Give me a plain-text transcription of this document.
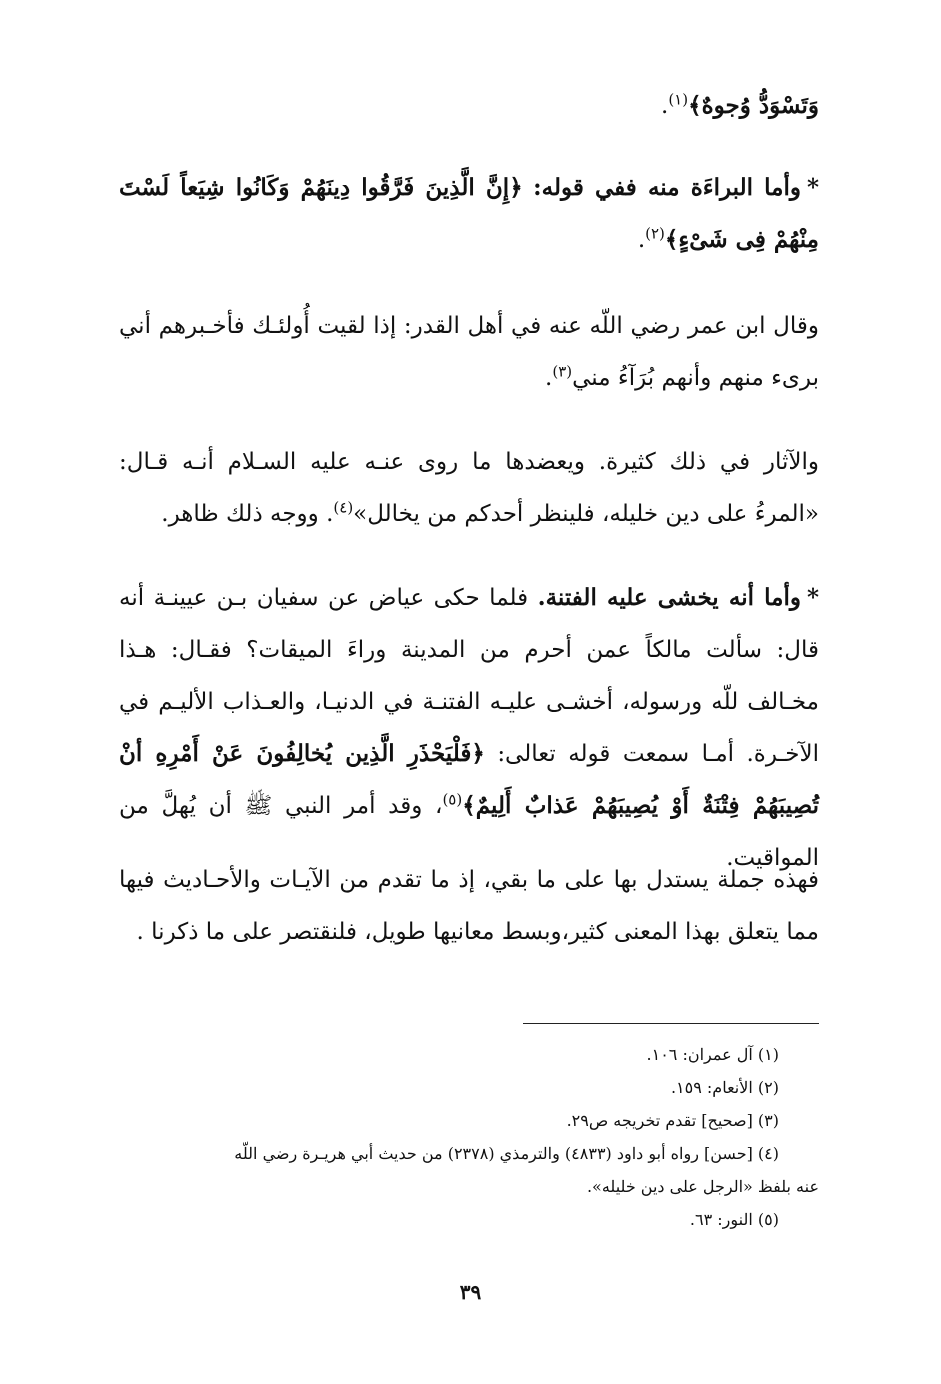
وَتَسْوَدُّ وُجوهٌ﴾$^{(١)}$.

*وأما البراءَة منه ففي قوله: ﴿إِنَّ الَّذِينَ فَرَّقُوا دِينَهُمْ وَكَانُوا شِيَعاً لَسْتَ مِنْهُمْ فِى شَىْءٍ﴾$^{(٢)}$.

وقال ابن عمر رضي اللّه عنه في أهل القدر: إذا لقيت أُولئـك فأخـبرهم أني برىء منهم وأنهم بُرَآءُ مني$^{(٣)}$.

والآثار في ذلك كثيرة. ويعضدها ما روى عنـه عليه السـلام أنـه قـال: «المرءُ على دين خليله، فلينظر أحدكم من يخالل»$^{(٤)}$. ووجه ذلك ظاهر.

*وأما أنه يخشى عليه الفتنة. فلما حكى عياض عن سفيان بـن عيينـة أنه قال: سألت مالكاً عمن أحرم من المدينة وراءَ الميقات؟ فقـال: هـذا مخـالف للّه ورسوله، أخشـى عليـه الفتنـة في الدنيـا، والعـذاب الأليـم في الآخـرة. أمـا سمعت قوله تعالى: ﴿فَلْيَحْذَرِ الَّذِين يُخالِفُونَ عَنْ أَمْرِهِ أنْ تُصِيبَهُمْ فِتْنَةٌ أَوْ يُصِيبَهُمْ عَذابٌ أَلِيمٌ﴾$^{(٥)}$، وقد أمر النبي ﷺ أن يُهلَّ من المواقيت.

فهذه جملة يستدل بها على ما بقي، إذ ما تقدم من الآيـات والأحـاديث فيها مما يتعلق بهذا المعنى كثير،وبسط معانيها طويل، فلنقتصر على ما ذكرنا .

(١) آل عمران: ١٠٦.

(٢) الأنعام: ١٥٩.

(٣) [صحيح] تقدم تخريجه ص٢٩.

(٤) [حسن] رواه أبو داود (٤٨٣٣) والترمذي (٢٣٧٨) من حديث أبي هريـرة رضي اللّه

عنه بلفظ «الرجل على دين خليله».

(٥) النور: ٦٣.

٣٩
